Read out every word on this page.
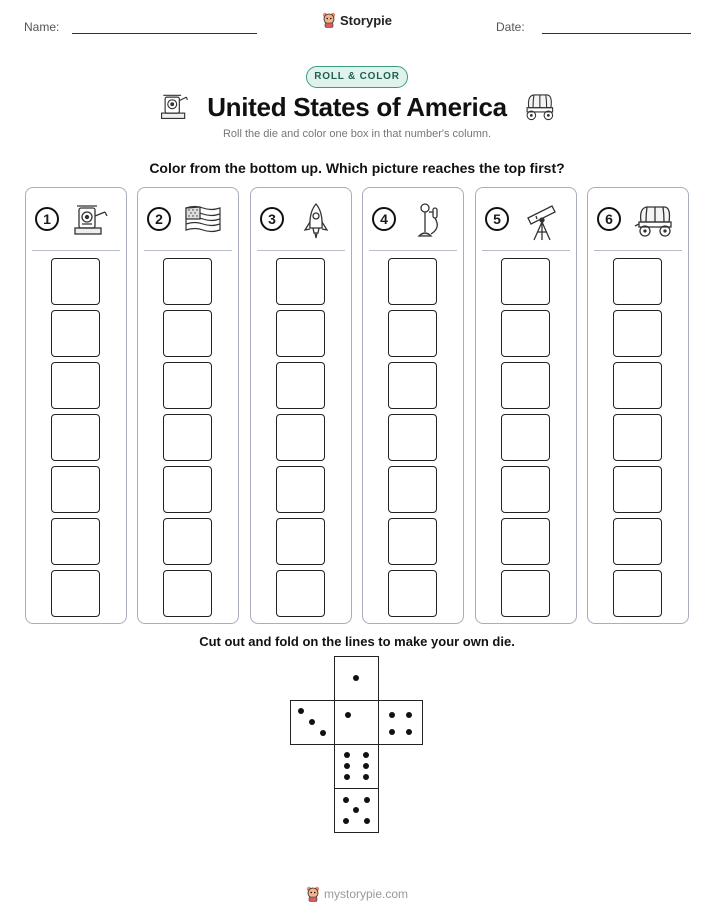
Name:	Storypie	Date:
ROLL & COLOR
United States of America
Roll the die and color one box in that number's column.
Color from the bottom up. Which picture reaches the top first?
1	2	3	4	5	6
Cut out and fold on the lines to make your own die.
mystorypie.com
